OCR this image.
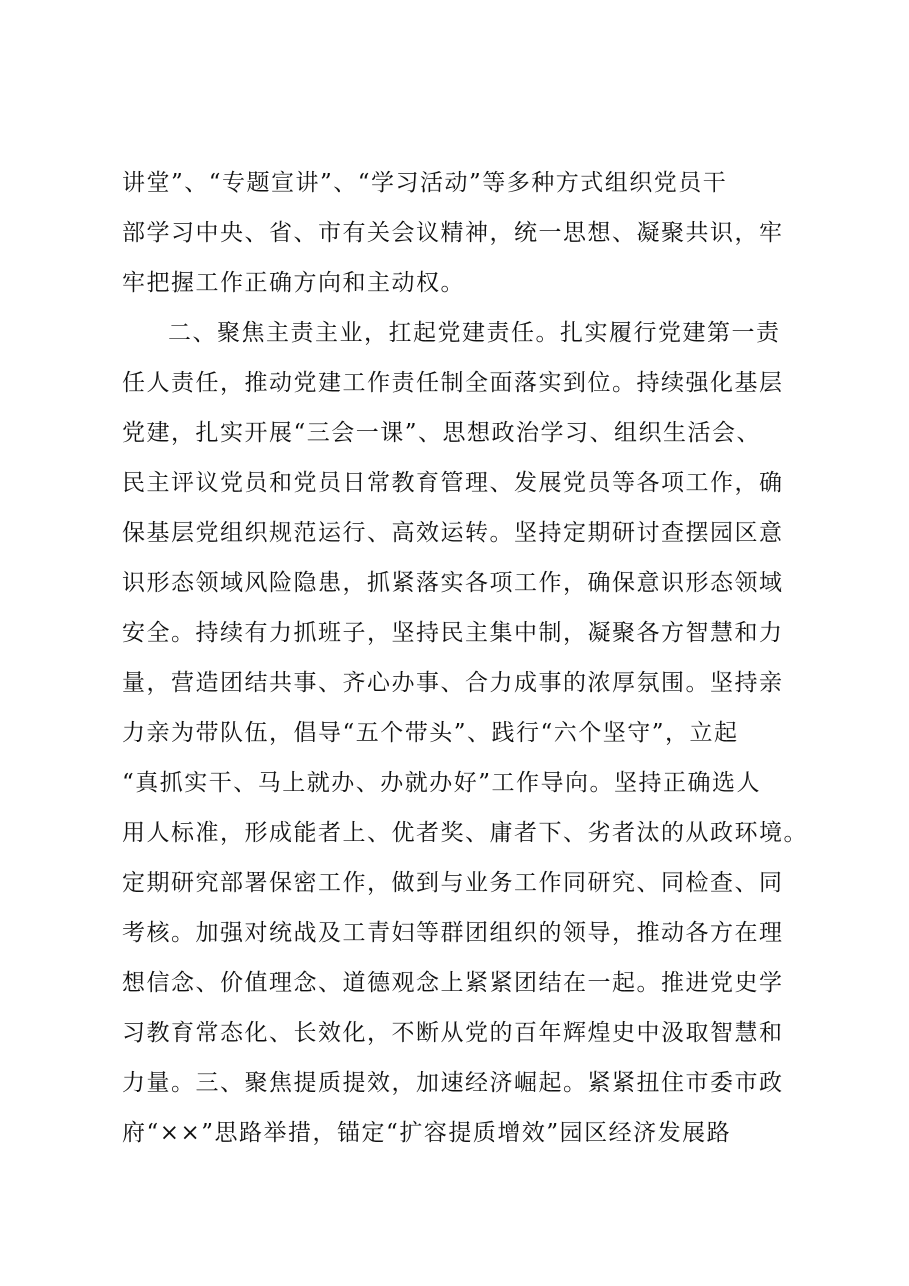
讲堂”、“专题宣讲”、“学习活动”等多种方式组织党员干
部学习中央、省、市有关会议精神，统一思想、凝聚共识，牢
牢把握工作正确方向和主动权。
二、聚焦主责主业，扛起党建责任。扎实履行党建第一责
任人责任，推动党建工作责任制全面落实到位。持续强化基层
党建，扎实开展“三会一课”、思想政治学习、组织生活会、
民主评议党员和党员日常教育管理、发展党员等各项工作，确
保基层党组织规范运行、高效运转。坚持定期研讨查摆园区意
识形态领域风险隐患，抓紧落实各项工作，确保意识形态领域
安全。持续有力抓班子，坚持民主集中制，凝聚各方智慧和力
量，营造团结共事、齐心办事、合力成事的浓厚氛围。坚持亲
力亲为带队伍，倡导“五个带头”、践行“六个坚守”，立起
“真抓实干、马上就办、办就办好”工作导向。坚持正确选人
用人标准，形成能者上、优者奖、庸者下、劣者汰的从政环境。
定期研究部署保密工作，做到与业务工作同研究、同检查、同
考核。加强对统战及工青妇等群团组织的领导，推动各方在理
想信念、价值理念、道德观念上紧紧团结在一起。推进党史学
习教育常态化、长效化，不断从党的百年辉煌史中汲取智慧和
力量。三、聚焦提质提效，加速经济崛起。紧紧扭住市委市政
府“××”思路举措，锚定“扩容提质增效”园区经济发展路
